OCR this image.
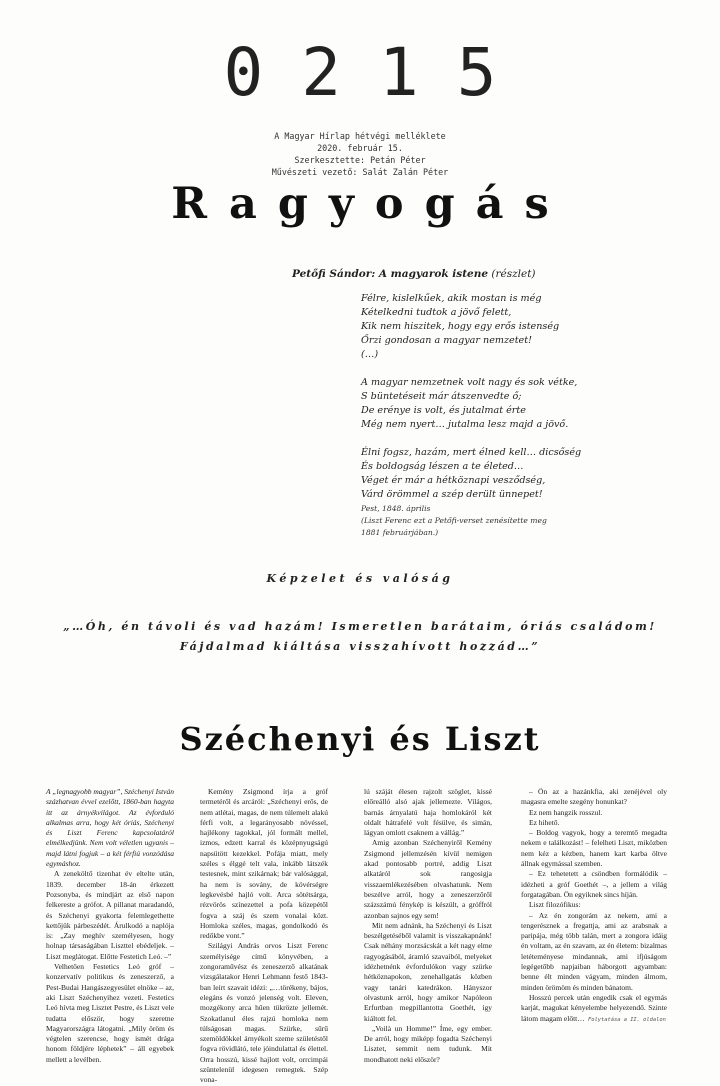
0215
A Magyar Hírlap hétvégi melléklete
2020. február 15.
Szerkesztette: Petán Péter
Művészeti vezető: Salát Zalán Péter
Ragyogás
Petőfi Sándor: A magyarok istene (részlet)
Félre, kislelkűek, akik mostan is még
Kételkedni tudtok a jövő felett,
Kik nem hiszitek, hogy egy erős istenség
Őrzi gondosan a magyar nemzetet!
(…)
A magyar nemzetnek volt nagy és sok vétke,
S büntetéseit már átszenvedte ő;
De erénye is volt, és jutalmat érte
Még nem nyert… jutalma lesz majd a jövő.
Élni fogsz, hazám, mert élned kell… dicsőség
És boldogság lészen a te életed…
Véget ér már a hétköznapi vesződség,
Várd örömmel a szép derült ünnepet!
Pest, 1848. április
(Liszt Ferenc ezt a Petőfi-verset zenésítette meg
1881 februárjában.)
Képzelet és valóság
„…Óh, én távoli és vad hazám! Ismeretlen barátaim, óriás családom!
Fájdalmad kiáltása visszahívott hozzád…”
Széchenyi és Liszt

A „legnagyobb magyar”, Széchenyi István százhatvan évvel ezelőtt, 1860-ban hagyta itt az árnyékvilágot. Az évforduló alkalmas arra, hogy két óriás, Széchenyi és Liszt Ferenc kapcsolatáról elmélkedjünk. Nem volt véletlen ugyanis – majd látni fogjuk – a két férfiú vonzódása egymáshoz.

A zeneköltő tizenhat év eltelte után, 1839. december 18-án érkezett Pozsonyba, és mindjárt az első napon felkereste a grófot. A pillanat maradandó, és Széchenyi gyakorta felemlegethette kettőjük párbeszédét. Árulkodó a naplója is: „Zay meghív személyesen, hogy holnap társaságában Liszttel ebédeljek. – Liszt meglátogat. Előtte Festetich Leó. –”

Velhetően Festetics Leó gróf – konzervatív politikus és zeneszerző, a Pest-Budai Hangászegyesület elnöke – az, aki Liszt Széchenyihez vezeti. Festetics Leó hívta meg Lisztet Pestre, és Liszt vele tudatta először, hogy szeretne Magyarországra látogatni. „Mily öröm és végtelen szerencse, hogy ismét drága honom földjére léphetek” – áll egyebek mellett a levélben.

Kemény Zsigmond írja a gróf termetéről és arcáról: „Széchenyi erős, de nem atlétai, magas, de nem túlemelt alakú férfi volt, a legarányosabb növéssel, hajlékony tagokkal, jól formált mellel, izmos, edzett karral és középnyugságú napsütött kezekkel. Pofája miatt, mely széles s élggé telt vala, inkább látszék testesnek, mint szikárnak; bár valósággal, ha nem is sovány, de kövérségre legkevésbé hajló volt. Arca sötétsárga, rézvörös színezettel a pofa közepétől fogva a száj és szem vonalai közt. Homloka széles, magas, gondolkodó és redőkbe vont.”

Szilágyi András orvos Liszt Ferenc személyisége című könyvében, a zongoraművész és zeneszerző alkatának vizsgálatakor Henri Lehmann festő 1843-ban leírt szavait idézi: „…törékeny, bájos, elegáns és vonzó jelenség volt. Eleven, mozgékony arca hűen tükrözte jellemét. Szokatlanul éles rajzú homloka nem túlságosan magas. Szürke, sűrű szemöldökkel árnyékolt szeme születéstől fogva rövidlátó, tele jóindulattal és élettel. Orra hosszú, kissé hajlott volt, orrcimpái szüntelenül idegesen remegtek. Szép vona-

lú száját élesen rajzolt szöglet, kissé előreálló alsó ajak jellemezte. Világos, barnás árnyalatú haja homlokáról két oldalt hátrafelé volt fésülve, és simán, lágyan omlott csaknem a vállág.”

Amig azonban Széchenyiről Kemény Zsigmond jellemzésén kívül nemigen akad pontosabb portré, addig Liszt alkatáról sok rangosigja visszaemlékezésében olvashatunk. Nem beszélve arról, hogy a zeneszerzőről százszámú fénykép is készült, a gróffról azonban sajnos egy sem!

Mit nem adnánk, ha Széchenyi és Liszt beszélgetéséből valamit is visszakapnánk! Csak néhány morzsácskát a két nagy elme ragyogásából, áramló szavaiból, melyeket idézhetnénk évfordulókon vagy szürke hétköznapokon, zenehallgatás közben vagy tanári katedrákon. Hányszor olvastunk arról, hogy amikor Napóleon Erfurtban megpillantotta Goethét, így kiáltott fel.

„Voilà un Homme!” Íme, egy ember. De arról, hogy miképp fogadta Széchenyi Lisztet, semmit nem tudunk. Mit mondhatott neki először?

– Ön az a hazánkfia, aki zenéjével oly magasra emelte szegény honunkat?

Ez nem hangzik rosszul.

Ez hihető.

– Boldog vagyok, hogy a teremtő megadta nekem e találkozást! – felelheti Liszt, miközben nem kéz a kézben, hanem kart karba öltve állnak egymással szemben.

– Ez tehetetett a csöndben formálódik – idézheti a gróf Goethét –, a jellem a világ forgatagában. Ön egyiknek sincs híján.

Liszt filozófikus:

– Az én zongorám az nekem, ami a tengerésznek a fregattja, ami az arabsnak a paripája, még több talán, mert a zongora idáig én voltam, az én szavam, az én életem: bizalmas letéteményese mindannak, ami ifjúságom legégetőbb napjaiban háborgott agyamban: benne élt minden vágyam, minden álmom, minden örömöm és minden bánatom.

Hosszú percek után engedik csak el egymás karját, magukat kényelembe helyezendő. Szinte látom magam előtt… Folytatása a II. oldalon
